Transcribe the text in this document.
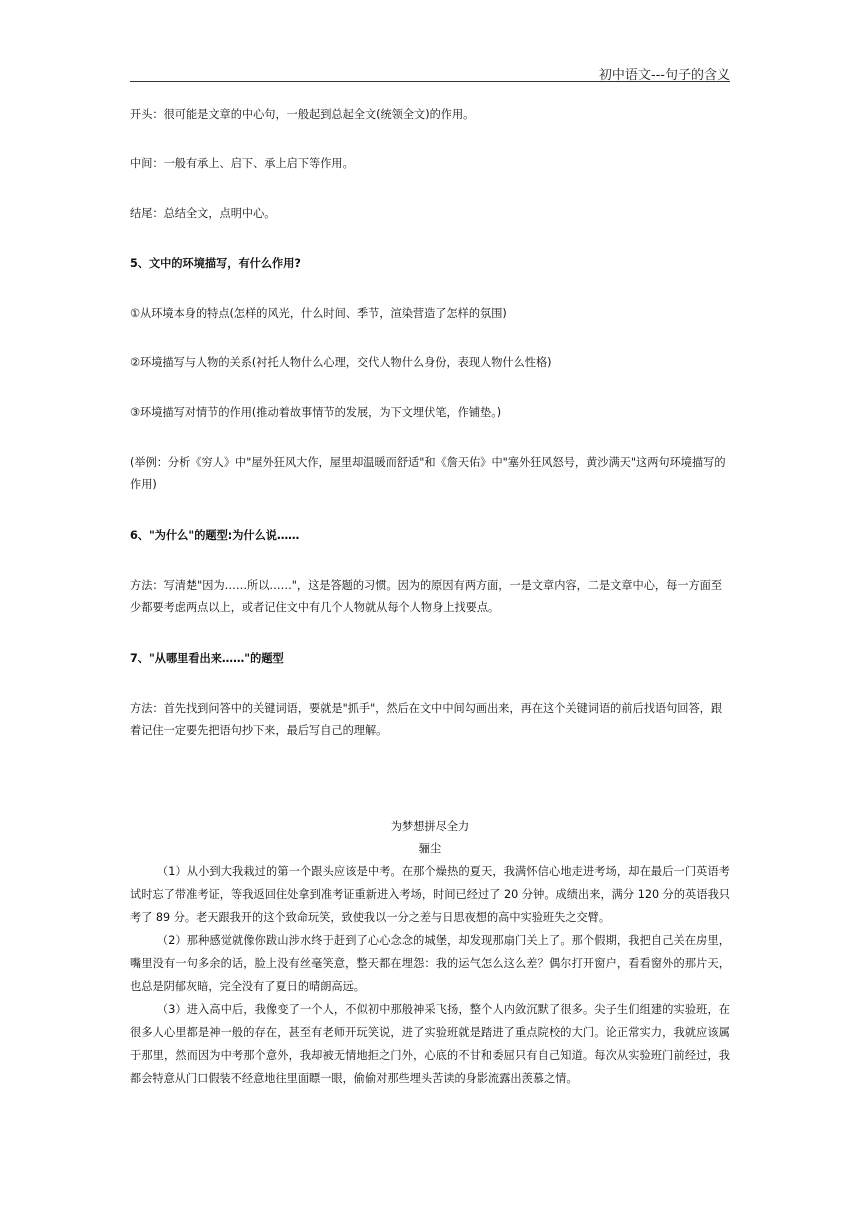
初中语文---句子的含义

开头：很可能是文章的中心句，一般起到总起全文(统领全文)的作用。

中间：一般有承上、启下、承上启下等作用。

结尾：总结全文，点明中心。

5、文中的环境描写，有什么作用?

①从环境本身的特点(怎样的风光，什么时间、季节，渲染营造了怎样的氛围)

②环境描写与人物的关系(衬托人物什么心理，交代人物什么身份，表现人物什么性格)

③环境描写对情节的作用(推动着故事情节的发展，为下文埋伏笔，作铺垫。)

(举例：分析《穷人》中"屋外狂风大作，屋里却温暖而舒适"和《詹天佑》中"塞外狂风怒号，黄沙满天"这两句环境描写的作用)

6、"为什么"的题型:为什么说……

方法：写清楚"因为……所以……"，这是答题的习惯。因为的原因有两方面，一是文章内容，二是文章中心，每一方面至少都要考虑两点以上，或者记住文中有几个人物就从每个人物身上找要点。

7、"从哪里看出来……"的题型

方法：首先找到问答中的关键词语，要就是"抓手"，然后在文中中间勾画出来，再在这个关键词语的前后找语句回答，跟着记住一定要先把语句抄下来，最后写自己的理解。

为梦想拼尽全力
骊尘

（1）从小到大我栽过的第一个跟头应该是中考。在那个燥热的夏天，我满怀信心地走进考场，却在最后一门英语考试时忘了带准考证，等我返回住处拿到准考证重新进入考场，时间已经过了 20 分钟。成绩出来，满分 120 分的英语我只考了 89 分。老天跟我开的这个致命玩笑，致使我以一分之差与日思夜想的高中实验班失之交臂。

（2）那种感觉就像你跋山涉水终于赶到了心心念念的城堡，却发现那扇门关上了。那个假期，我把自己关在房里，嘴里没有一句多余的话，脸上没有丝毫笑意，整天都在埋怨：我的运气怎么这么差？偶尔打开窗户，看看窗外的那片天，也总是阴郁灰暗，完全没有了夏日的晴朗高远。

（3）进入高中后，我像变了一个人，不似初中那般神采飞扬，整个人内敛沉默了很多。尖子生们组建的实验班，在很多人心里都是神一般的存在，甚至有老师开玩笑说，进了实验班就是踏进了重点院校的大门。论正常实力，我就应该属于那里，然而因为中考那个意外，我却被无情地拒之门外，心底的不甘和委屈只有自己知道。每次从实验班门前经过，我都会特意从门口假装不经意地往里面瞟一眼，偷偷对那些埋头苦读的身影流露出羡慕之情。
